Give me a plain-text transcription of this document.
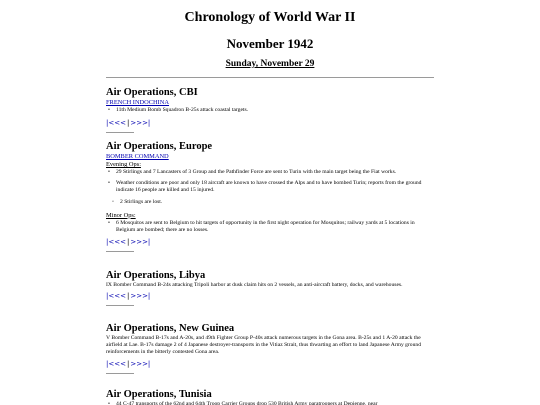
Chronology of World War II
November 1942
Sunday, November 29
Air Operations, CBI
FRENCH INDOCHINA
• 11th Medium Bomb Squadron B-25s attack coastal targets.
|<<<|>>>|
Air Operations, Europe
BOMBER COMMAND
Evening Ops:
• 29 Stirlings and 7 Lancasters of 3 Group and the Pathfinder Force are sent to Turin with the main target being the Fiat works.
• Weather conditions are poor and only 18 aircraft are known to have crossed the Alps and to have bombed Turin; reports from the ground indicate 16 people are killed and 15 injured.
◦ 2 Stirlings are lost.
Minor Ops:
• 6 Mosquitos are sent to Belgium to hit targets of opportunity in the first night operation for Mosquitos; railway yards at 5 locations in Belgium are bombed; there are no losses.
|<<<|>>>|
Air Operations, Libya

IX Bomber Command B-24s attacking Tripoli harbor at dusk claim hits on 2 vessels, an anti-aircraft battery, docks, and warehouses.

|<<<|>>>|
Air Operations, New Guinea

V Bomber Command B-17s and A-20s, and 49th Fighter Group P-40s attack numerous targets in the Gona area. B-25s and 1 A-20 attack the airfield at Lae. B-17s damage 2 of 4 Japanese destroyer-transports in the Vitiaz Strait, thus thwarting an effort to land Japanese Army ground reinforcements in the bitterly contested Gona area.

|<<<|>>>|
Air Operations, Tunisia
• 44 C-47 transports of the 62nd and 64th Troop Carrier Groups drop 530 British Army paratroopers at Depienne, near
